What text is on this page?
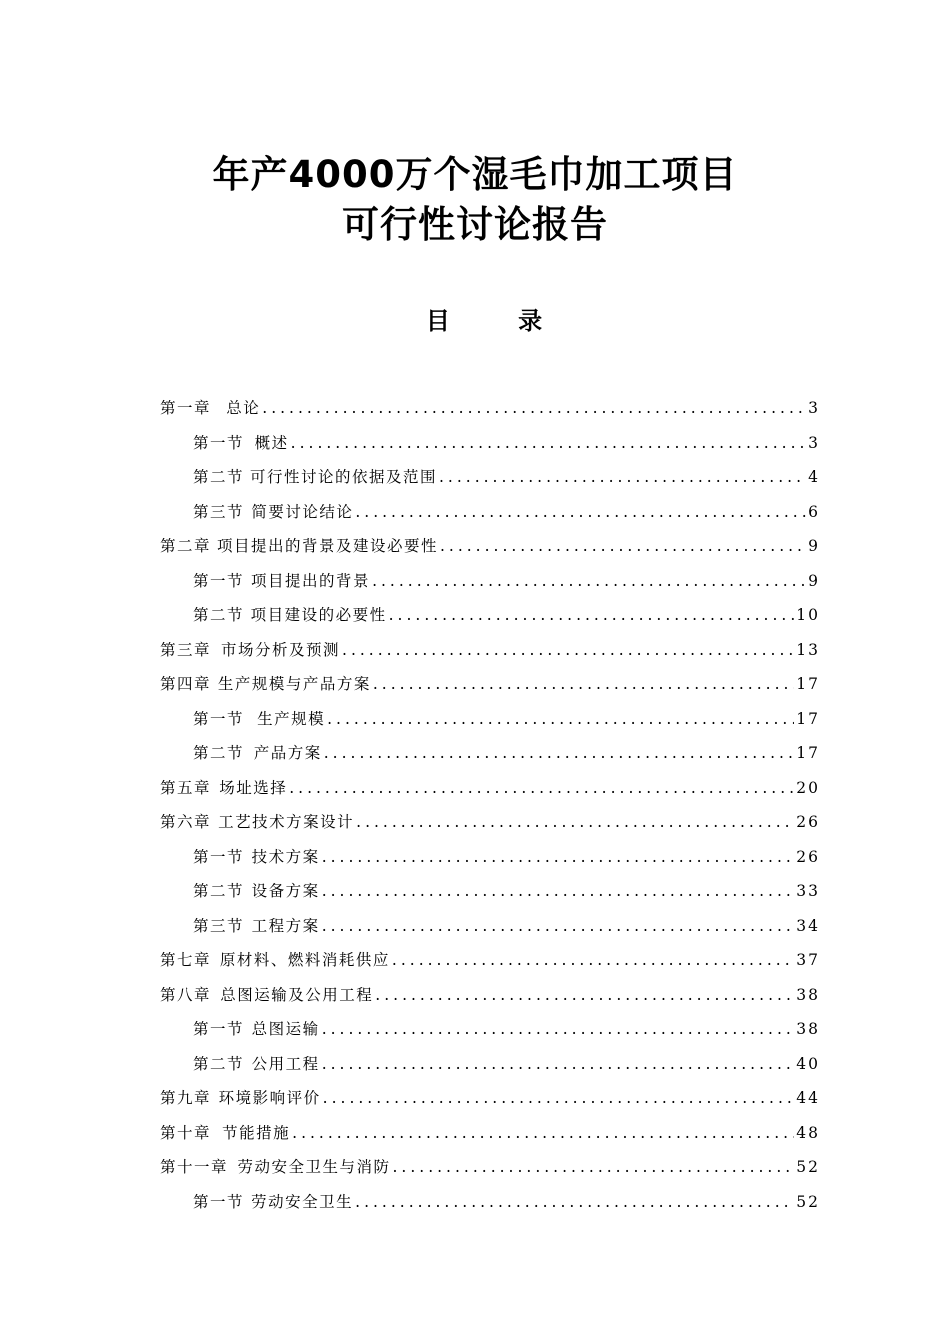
年产4000万个湿毛巾加工项目
可行性讨论报告
目 录
第一章 总论 .....	3
第一节 概述 .....	3
第二节 可行性讨论的依据及范围 .....	4
第三节 简要讨论结论 .....	6
第二章 项目提出的背景及建设必要性 .....	9
第一节 项目提出的背景 .....	9
第二节 项目建设的必要性 .....	10
第三章 市场分析及预测 .....	13
第四章 生产规模与产品方案 .....	17
第一节 生产规模 .....	17
第二节 产品方案 .....	17
第五章 场址选择 .....	20
第六章 工艺技术方案设计 .....	26
第一节 技术方案 .....	26
第二节 设备方案 .....	33
第三节 工程方案 .....	34
第七章 原材料、燃料消耗供应 .....	37
第八章 总图运输及公用工程 .....	38
第一节 总图运输 .....	38
第二节 公用工程 .....	40
第九章 环境影响评价 .....	44
第十章 节能措施 .....	48
第十一章 劳动安全卫生与消防 .....	52
第一节 劳动安全卫生 .....	52
